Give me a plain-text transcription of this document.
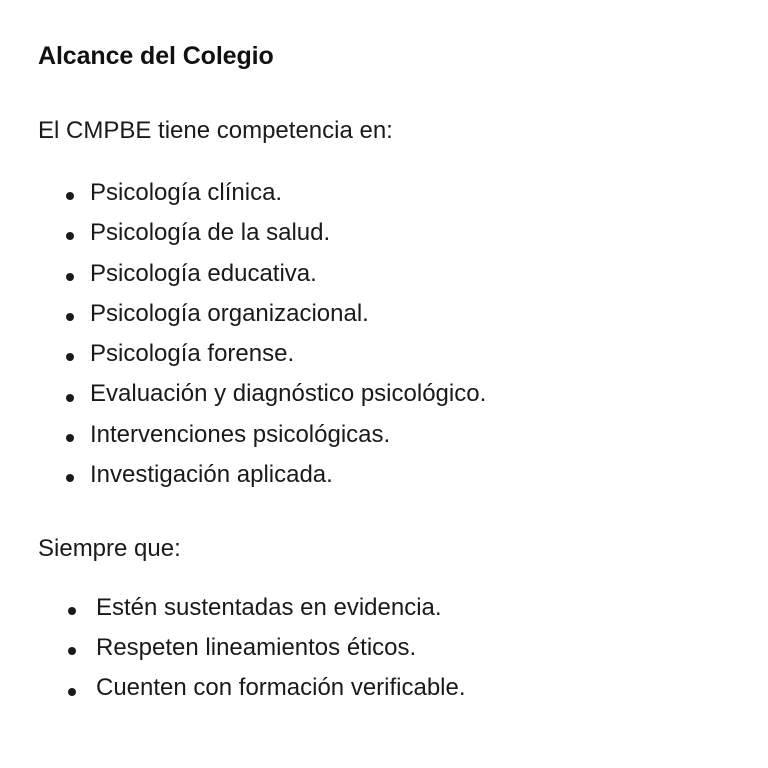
Alcance del Colegio

El CMPBE tiene competencia en:

Psicología clínica.
Psicología de la salud.
Psicología educativa.
Psicología organizacional.
Psicología forense.
Evaluación y diagnóstico psicológico.
Intervenciones psicológicas.
Investigación aplicada.

Siempre que:

Estén sustentadas en evidencia.
Respeten lineamientos éticos.
Cuenten con formación verificable.
